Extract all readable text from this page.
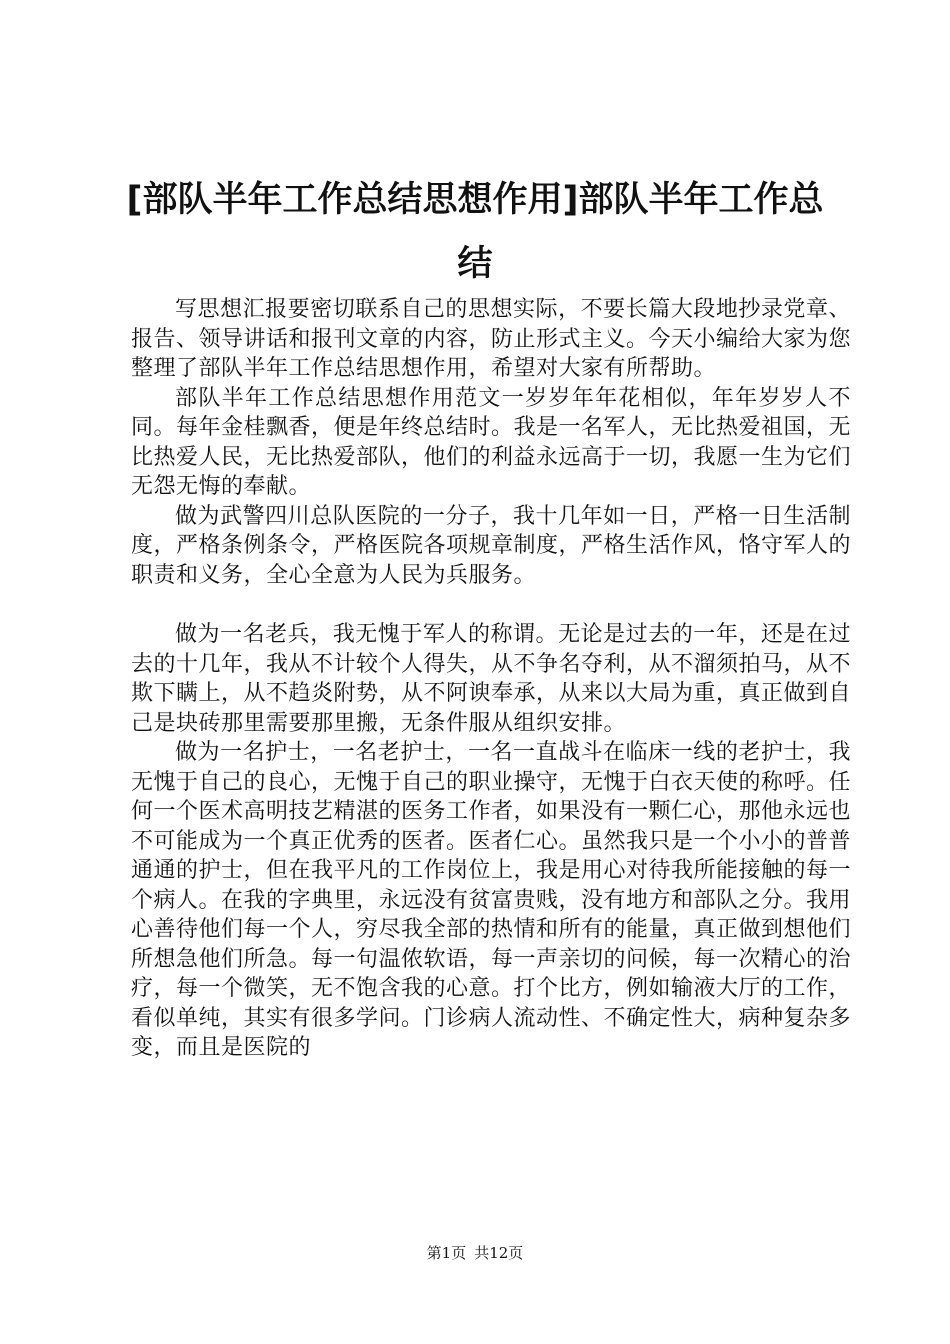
[部队半年工作总结思想作用]部队半年工作总结

写思想汇报要密切联系自己的思想实际，不要长篇大段地抄录党章、报告、领导讲话和报刊文章的内容，防止形式主义。今天小编给大家为您整理了部队半年工作总结思想作用，希望对大家有所帮助。

部队半年工作总结思想作用范文一岁岁年年花相似，年年岁岁人不同。每年金桂飘香，便是年终总结时。我是一名军人，无比热爱祖国，无比热爱人民，无比热爱部队，他们的利益永远高于一切，我愿一生为它们无怨无悔的奉献。

做为武警四川总队医院的一分子，我十几年如一日，严格一日生活制度，严格条例条令，严格医院各项规章制度，严格生活作风，恪守军人的职责和义务，全心全意为人民为兵服务。

做为一名老兵，我无愧于军人的称谓。无论是过去的一年，还是在过去的十几年，我从不计较个人得失，从不争名夺利，从不溜须拍马，从不欺下瞒上，从不趋炎附势，从不阿谀奉承，从来以大局为重，真正做到自己是块砖那里需要那里搬，无条件服从组织安排。

做为一名护士，一名老护士，一名一直战斗在临床一线的老护士，我无愧于自己的良心，无愧于自己的职业操守，无愧于白衣天使的称呼。任何一个医术高明技艺精湛的医务工作者，如果没有一颗仁心，那他永远也不可能成为一个真正优秀的医者。医者仁心。虽然我只是一个小小的普普通通的护士，但在我平凡的工作岗位上，我是用心对待我所能接触的每一个病人。在我的字典里，永远没有贫富贵贱，没有地方和部队之分。我用心善待他们每一个人，穷尽我全部的热情和所有的能量，真正做到想他们所想急他们所急。每一句温侬软语，每一声亲切的问候，每一次精心的治疗，每一个微笑，无不饱含我的心意。打个比方，例如输液大厅的工作，看似单纯，其实有很多学问。门诊病人流动性、不确定性大，病种复杂多变，而且是医院的

第1页 共12页
